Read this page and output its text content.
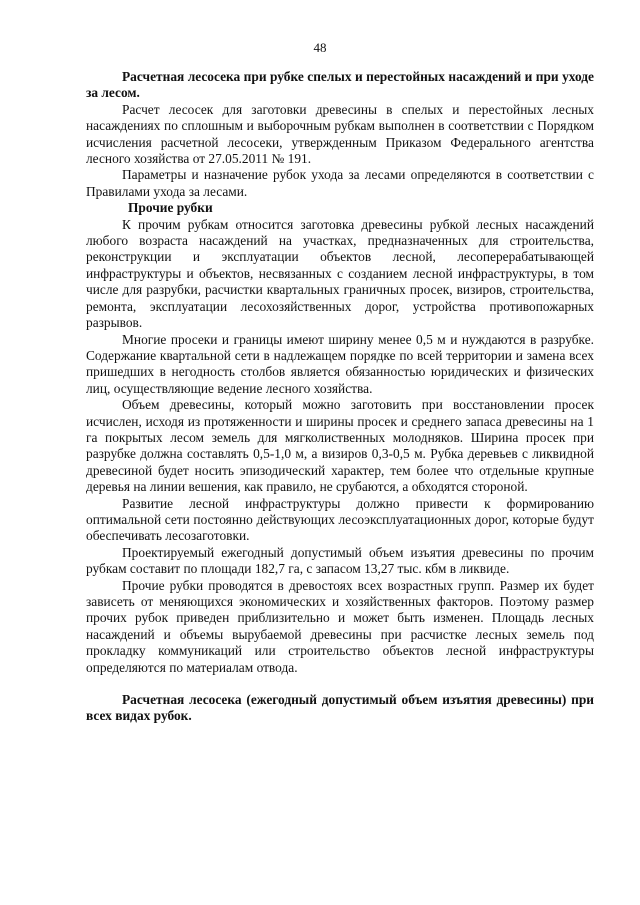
48

Расчетная лесосека при рубке спелых и перестойных насаждений и при уходе за лесом.

Расчет лесосек для заготовки древесины в спелых и перестойных лесных насаждениях по сплошным и выборочным рубкам выполнен в соответствии с Порядком исчисления расчетной лесосеки, утвержденным Приказом Федерального агентства лесного хозяйства от 27.05.2011 № 191.

Параметры и назначение рубок ухода за лесами определяются в соответствии с Правилами ухода за лесами.

Прочие рубки

К прочим рубкам относится заготовка древесины рубкой лесных насаждений любого возраста насаждений на участках, предназначенных для строительства, реконструкции и эксплуатации объектов лесной, лесоперерабатывающей инфраструктуры и объектов, несвязанных с созданием лесной инфраструктуры, в том числе для разрубки, расчистки квартальных граничных просек, визиров, строительства, ремонта, эксплуатации лесохозяйственных дорог, устройства противопожарных разрывов.

Многие просеки и границы имеют ширину менее 0,5 м и нуждаются в разрубке. Содержание квартальной сети в надлежащем порядке по всей территории и замена всех пришедших в негодность столбов является обязанностью юридических и физических лиц, осуществляющие ведение лесного хозяйства.

Объем древесины, который можно заготовить при восстановлении просек исчислен, исходя из протяженности и ширины просек и среднего запаса древесины на 1 га покрытых лесом земель для мягколиственных молодняков. Ширина просек при разрубке должна составлять 0,5-1,0 м, а визиров 0,3-0,5 м. Рубка деревьев с ликвидной древесиной будет носить эпизодический характер, тем более что отдельные крупные деревья на линии вешения, как правило, не срубаются, а обходятся стороной.

Развитие лесной инфраструктуры должно привести к формированию оптимальной сети постоянно действующих лесоэксплуатационных дорог, которые будут обеспечивать лесозаготовки.

Проектируемый ежегодный допустимый объем изъятия древесины по прочим рубкам составит по площади 182,7 га, с запасом 13,27 тыс. кбм в ликвиде.

Прочие рубки проводятся в древостоях всех возрастных групп. Размер их будет зависеть от меняющихся экономических и хозяйственных факторов. Поэтому размер прочих рубок приведен приблизительно и может быть изменен. Площадь лесных насаждений и объемы вырубаемой древесины при расчистке лесных земель под прокладку коммуникаций или строительство объектов лесной инфраструктуры определяются по материалам отвода.

Расчетная лесосека (ежегодный допустимый объем изъятия древесины) при всех видах рубок.
